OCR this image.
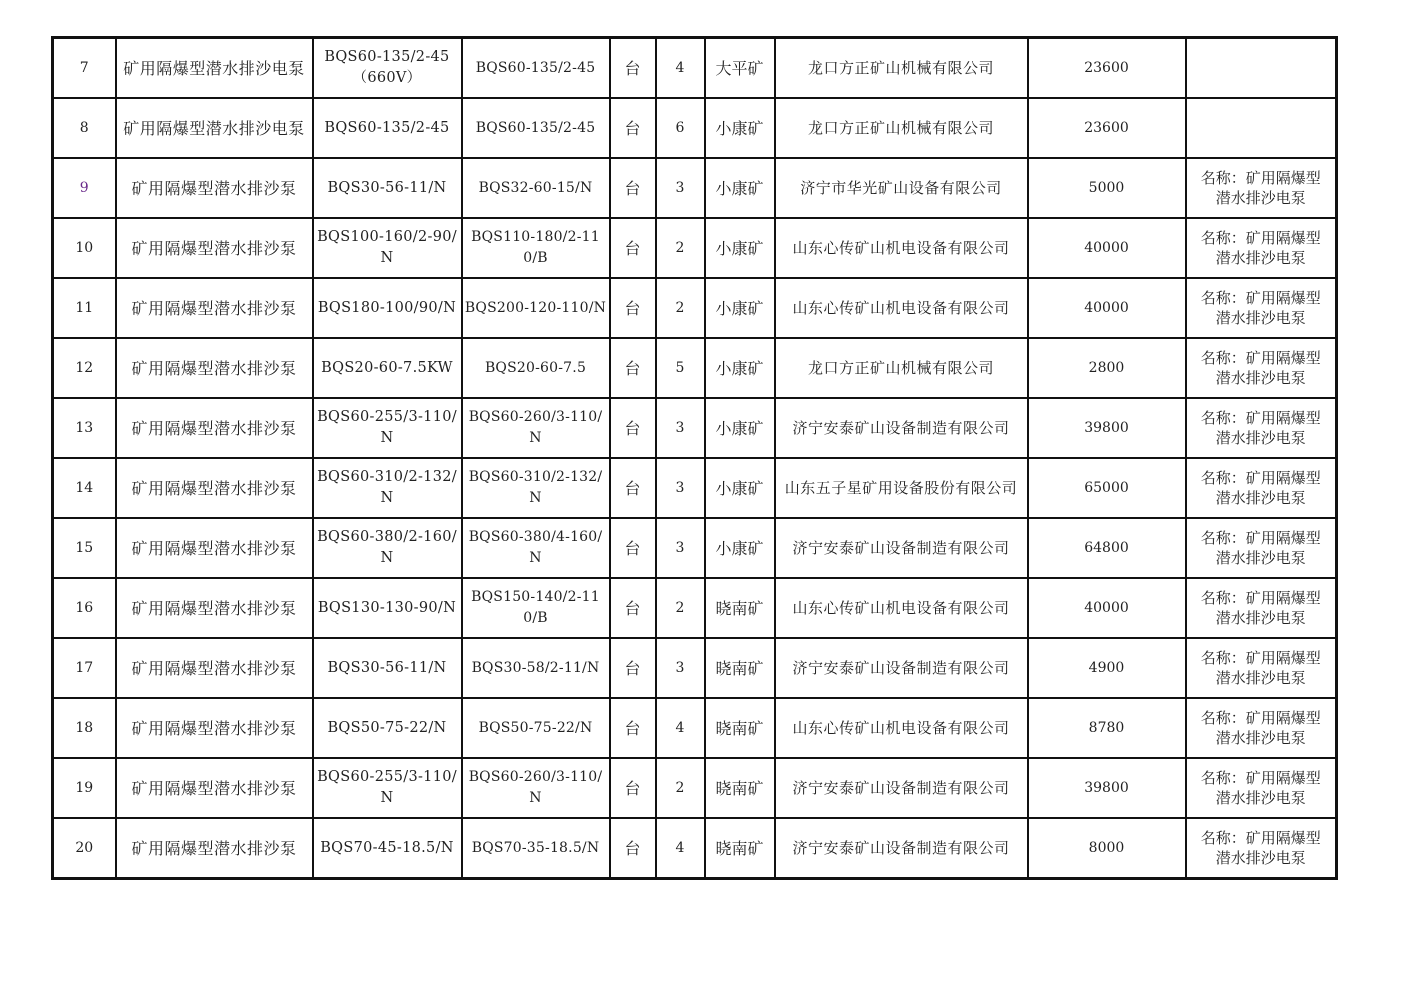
7	矿用隔爆型潜水排沙电泵	BQS60-135/2-45（660V）	BQS60-135/2-45	台	4	大平矿	龙口方正矿山机械有限公司	23600	
8	矿用隔爆型潜水排沙电泵	BQS60-135/2-45	BQS60-135/2-45	台	6	小康矿	龙口方正矿山机械有限公司	23600	
9	矿用隔爆型潜水排沙泵	BQS30-56-11/N	BQS32-60-15/N	台	3	小康矿	济宁市华光矿山设备有限公司	5000	名称：矿用隔爆型潜水排沙电泵
10	矿用隔爆型潜水排沙泵	BQS100-160/2-90/N	BQS110-180/2-110/B	台	2	小康矿	山东心传矿山机电设备有限公司	40000	名称：矿用隔爆型潜水排沙电泵
11	矿用隔爆型潜水排沙泵	BQS180-100/90/N	BQS200-120-110/N	台	2	小康矿	山东心传矿山机电设备有限公司	40000	名称：矿用隔爆型潜水排沙电泵
12	矿用隔爆型潜水排沙泵	BQS20-60-7.5KW	BQS20-60-7.5	台	5	小康矿	龙口方正矿山机械有限公司	2800	名称：矿用隔爆型潜水排沙电泵
13	矿用隔爆型潜水排沙泵	BQS60-255/3-110/N	BQS60-260/3-110/N	台	3	小康矿	济宁安泰矿山设备制造有限公司	39800	名称：矿用隔爆型潜水排沙电泵
14	矿用隔爆型潜水排沙泵	BQS60-310/2-132/N	BQS60-310/2-132/N	台	3	小康矿	山东五子星矿用设备股份有限公司	65000	名称：矿用隔爆型潜水排沙电泵
15	矿用隔爆型潜水排沙泵	BQS60-380/2-160/N	BQS60-380/4-160/N	台	3	小康矿	济宁安泰矿山设备制造有限公司	64800	名称：矿用隔爆型潜水排沙电泵
16	矿用隔爆型潜水排沙泵	BQS130-130-90/N	BQS150-140/2-110/B	台	2	晓南矿	山东心传矿山机电设备有限公司	40000	名称：矿用隔爆型潜水排沙电泵
17	矿用隔爆型潜水排沙泵	BQS30-56-11/N	BQS30-58/2-11/N	台	3	晓南矿	济宁安泰矿山设备制造有限公司	4900	名称：矿用隔爆型潜水排沙电泵
18	矿用隔爆型潜水排沙泵	BQS50-75-22/N	BQS50-75-22/N	台	4	晓南矿	山东心传矿山机电设备有限公司	8780	名称：矿用隔爆型潜水排沙电泵
19	矿用隔爆型潜水排沙泵	BQS60-255/3-110/N	BQS60-260/3-110/N	台	2	晓南矿	济宁安泰矿山设备制造有限公司	39800	名称：矿用隔爆型潜水排沙电泵
20	矿用隔爆型潜水排沙泵	BQS70-45-18.5/N	BQS70-35-18.5/N	台	4	晓南矿	济宁安泰矿山设备制造有限公司	8000	名称：矿用隔爆型潜水排沙电泵
